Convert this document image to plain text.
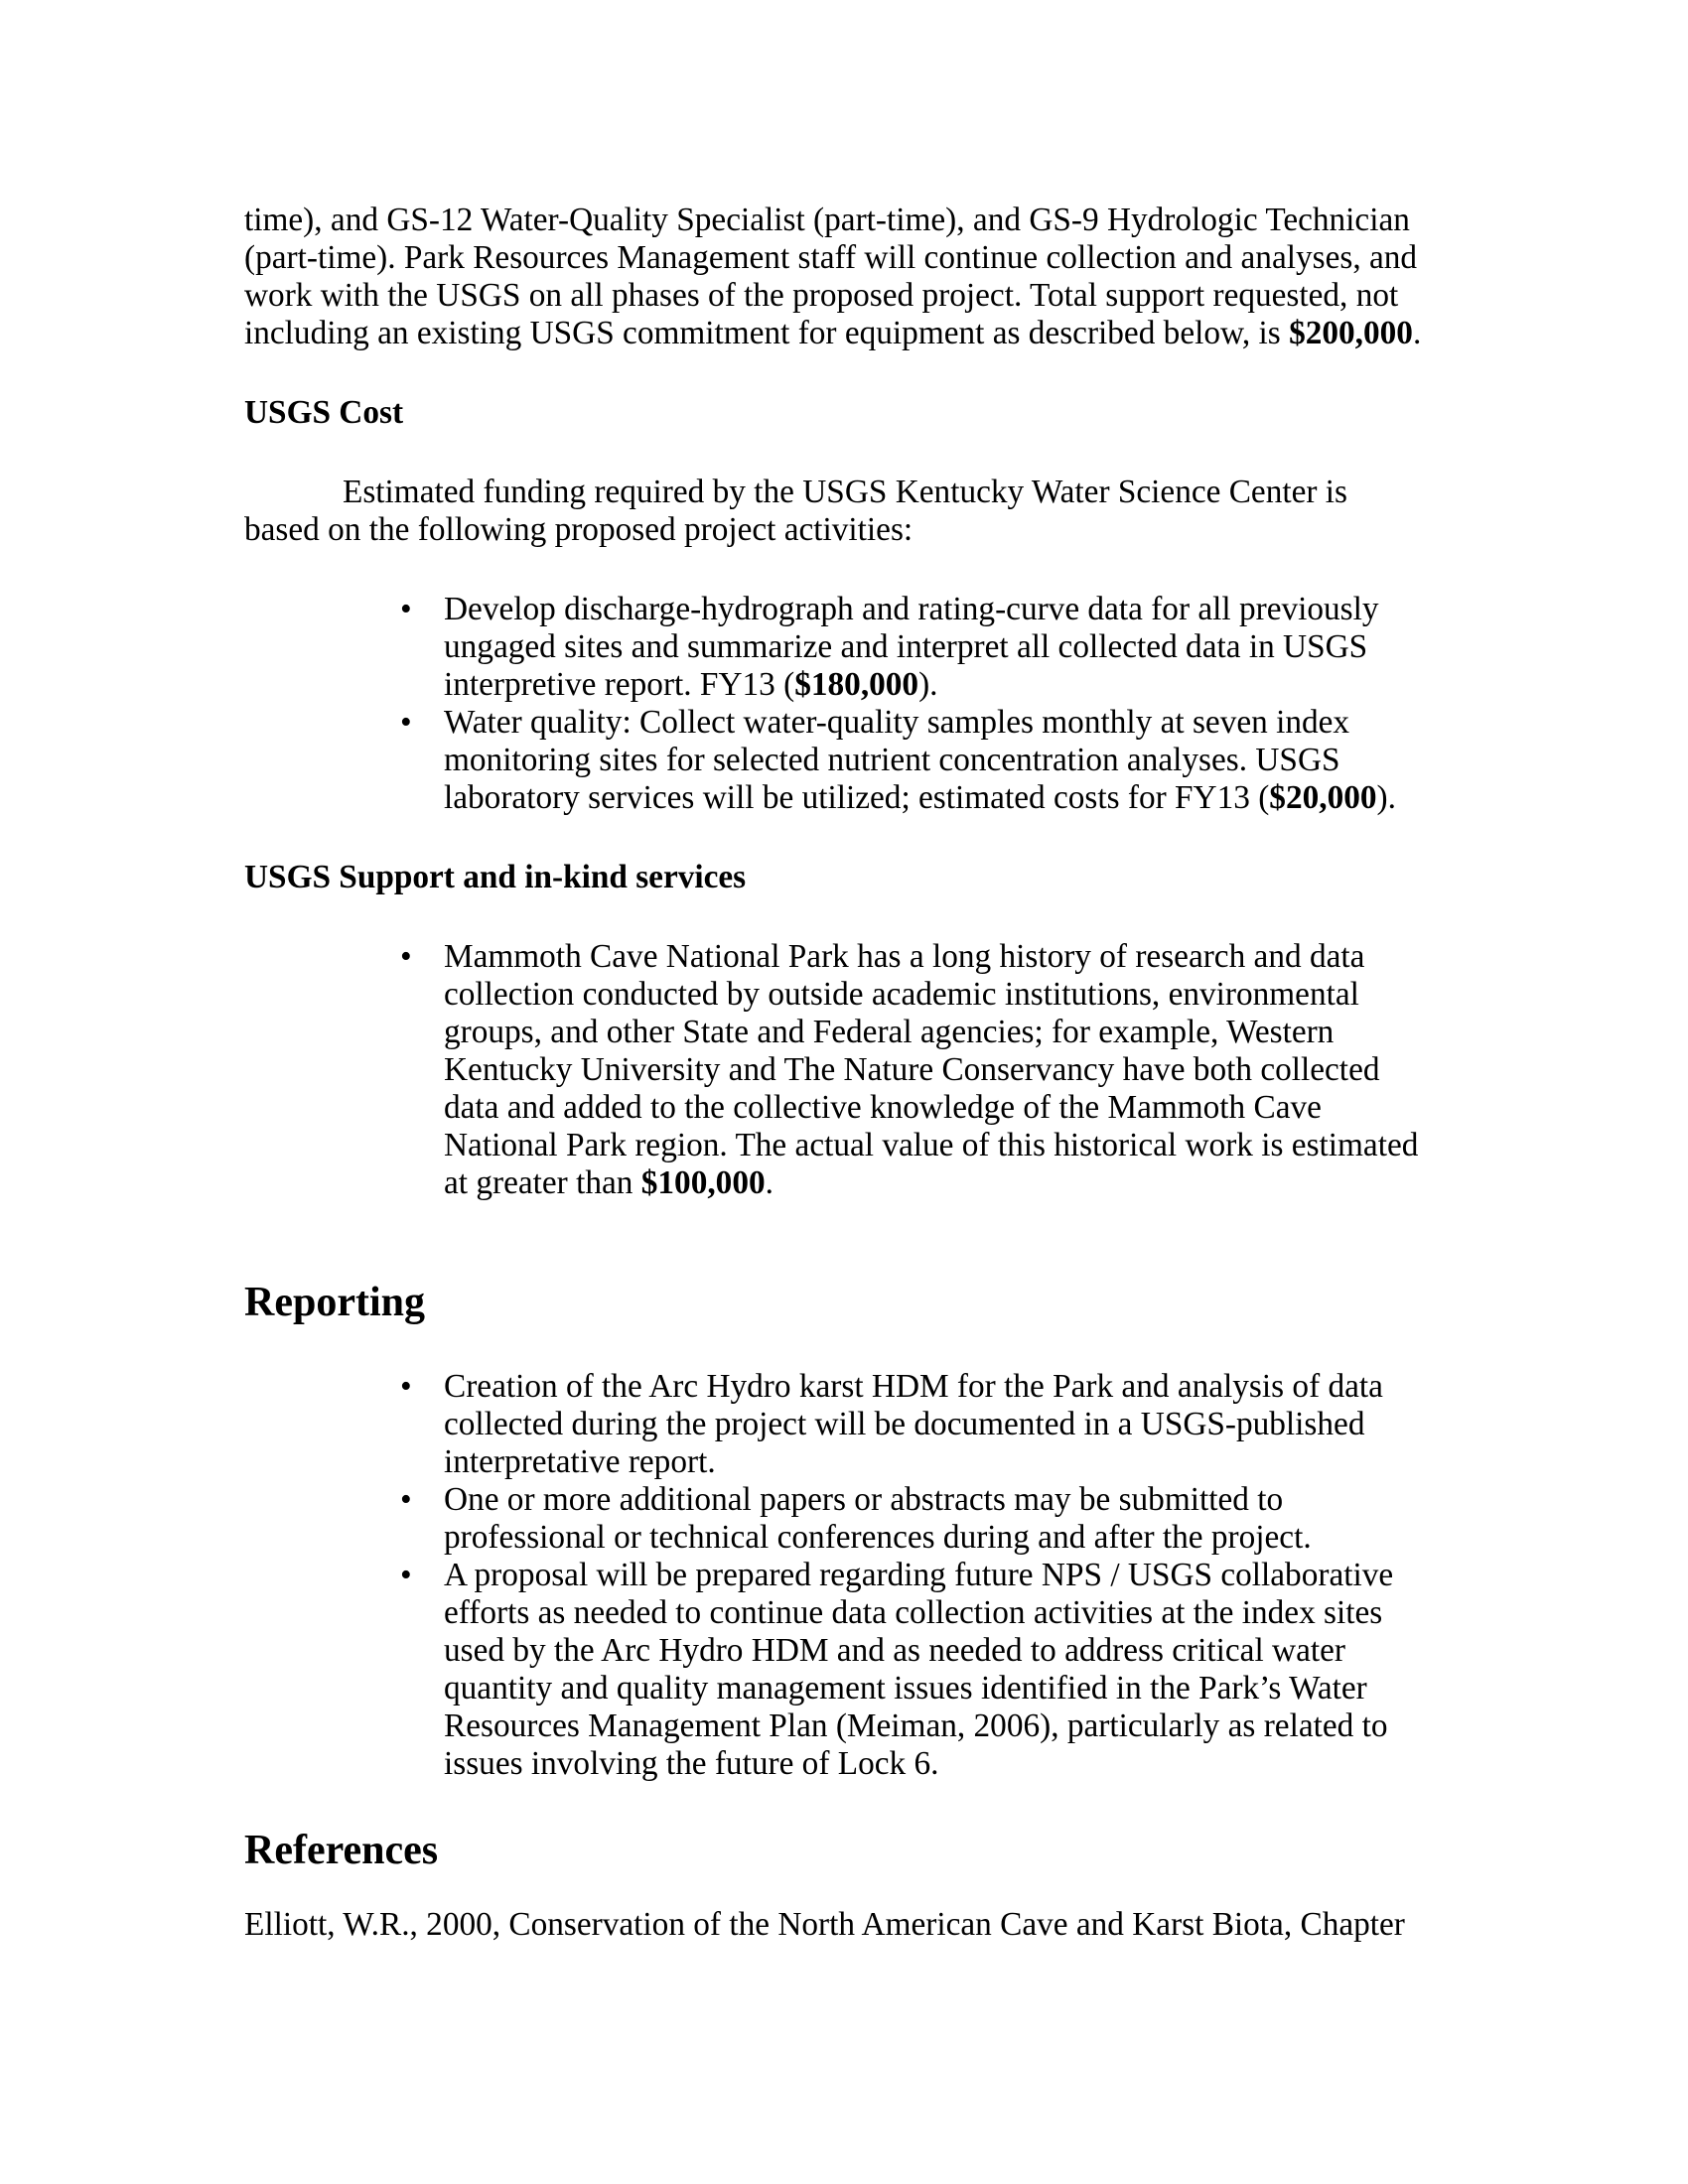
time), and GS-12 Water-Quality Specialist (part-time), and GS-9 Hydrologic Technician (part-time). Park Resources Management staff will continue collection and analyses, and work with the USGS on all phases of the proposed project. Total support requested, not including an existing USGS commitment for equipment as described below, is $200,000.

USGS Cost

Estimated funding required by the USGS Kentucky Water Science Center is based on the following proposed project activities:

• Develop discharge-hydrograph and rating-curve data for all previously ungaged sites and summarize and interpret all collected data in USGS interpretive report. FY13 ($180,000).
• Water quality: Collect water-quality samples monthly at seven index monitoring sites for selected nutrient concentration analyses. USGS laboratory services will be utilized; estimated costs for FY13 ($20,000).
USGS Support and in-kind services
• Mammoth Cave National Park has a long history of research and data collection conducted by outside academic institutions, environmental groups, and other State and Federal agencies; for example, Western Kentucky University and The Nature Conservancy have both collected data and added to the collective knowledge of the Mammoth Cave National Park region. The actual value of this historical work is estimated at greater than $100,000.
Reporting
• Creation of the Arc Hydro karst HDM for the Park and analysis of data collected during the project will be documented in a USGS-published interpretative report.
• One or more additional papers or abstracts may be submitted to professional or technical conferences during and after the project.
• A proposal will be prepared regarding future NPS / USGS collaborative efforts as needed to continue data collection activities at the index sites used by the Arc Hydro HDM and as needed to address critical water quantity and quality management issues identified in the Park’s Water Resources Management Plan (Meiman, 2006), particularly as related to issues involving the future of Lock 6.
References

Elliott, W.R., 2000, Conservation of the North American Cave and Karst Biota, Chapter
